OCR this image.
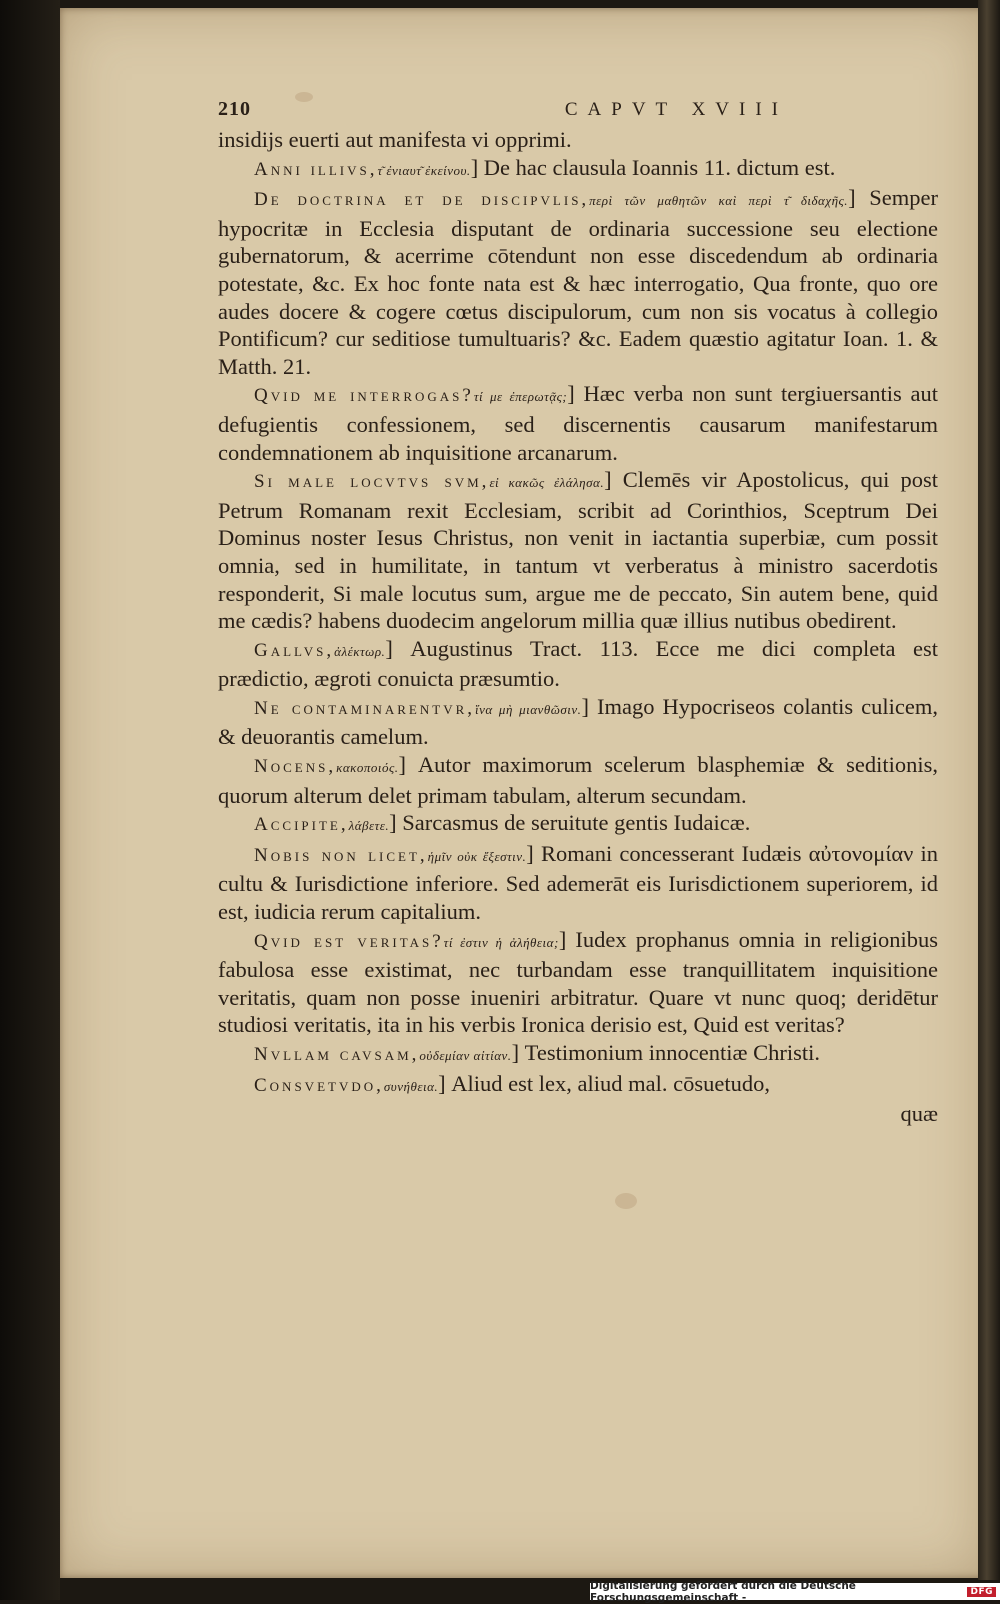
210	CAPVT XVIII

insidijs euerti aut manifesta vi opprimi.

Anni illivs,τ͂ ἐνιαυτ͂ ἐκείνου.] De hac clausula Ioannis 11. dictum est.

De doctrina et de discipvlis,περὶ τῶν μαθητῶν καὶ περὶ τ͂ διδαχῆς.] Semper hypocritæ in Ecclesia disputant de ordinaria successione seu electione gubernatorum, & acerrime cōtendunt non esse discedendum ab ordinaria potestate, &c. Ex hoc fonte nata est & hæc interrogatio, Qua fronte, quo ore audes docere & cogere cœtus discipulorum, cum non sis vocatus à collegio Pontificum? cur seditiose tumultuaris? &c. Eadem quæstio agitatur Ioan. 1. & Matth. 21.

Qvid me interrogas?τί με ἐπερωτᾷς;] Hæc verba non sunt tergiuersantis aut defugientis confessionem, sed discernentis causarum manifestarum condemnationem ab inquisitione arcanarum.

Si male locvtvs svm,εἰ κακῶς ἐλάλησα.] Clemēs vir Apostolicus, qui post Petrum Romanam rexit Ecclesiam, scribit ad Corinthios, Sceptrum Dei Dominus noster Iesus Christus, non venit in iactantia superbiæ, cum possit omnia, sed in humilitate, in tantum vt verberatus à ministro sacerdotis responderit, Si male locutus sum, argue me de peccato, Sin autem bene, quid me cædis? habens duodecim angelorum millia quæ illius nutibus obedirent.

Gallvs,ἀλέκτωρ.] Augustinus Tract. 113. Ecce me dici completa est prædictio, ægroti conuicta præsumtio.

Ne contaminarentvr,ἵνα μὴ μιανθῶσιν.] Imago Hypocriseos colantis culicem, & deuorantis camelum.

Nocens,κακοποιός.] Autor maximorum scelerum blasphemiæ & seditionis, quorum alterum delet primam tabulam, alterum secundam.

Accipite,λάβετε.] Sarcasmus de seruitute gentis Iudaicæ.

Nobis non licet,ἡμῖν οὐκ ἔξεστιν.] Romani concesserant Iudæis αὐτονομίαν in cultu & Iurisdictione inferiore. Sed ademerāt eis Iurisdictionem superiorem, id est, iudicia rerum capitalium.

Qvid est veritas?τί ἐστιν ἡ ἀλήθεια;] Iudex prophanus omnia in religionibus fabulosa esse existimat, nec turbandam esse tranquillitatem inquisitione veritatis, quam non posse inueniri arbitratur. Quare vt nunc quoq; deridētur studiosi veritatis, ita in his verbis Ironica derisio est, Quid est veritas?

Nvllam cavsam,οὐδεμίαν αἰτίαν.] Testimonium innocentiæ Christi.

Consvetvdo,συνήθεια.] Aliud est lex, aliud mal. cōsuetudo,

quæ
Digitalisierung gefördert durch die Deutsche Forschungsgemeinschaft -	DFG
